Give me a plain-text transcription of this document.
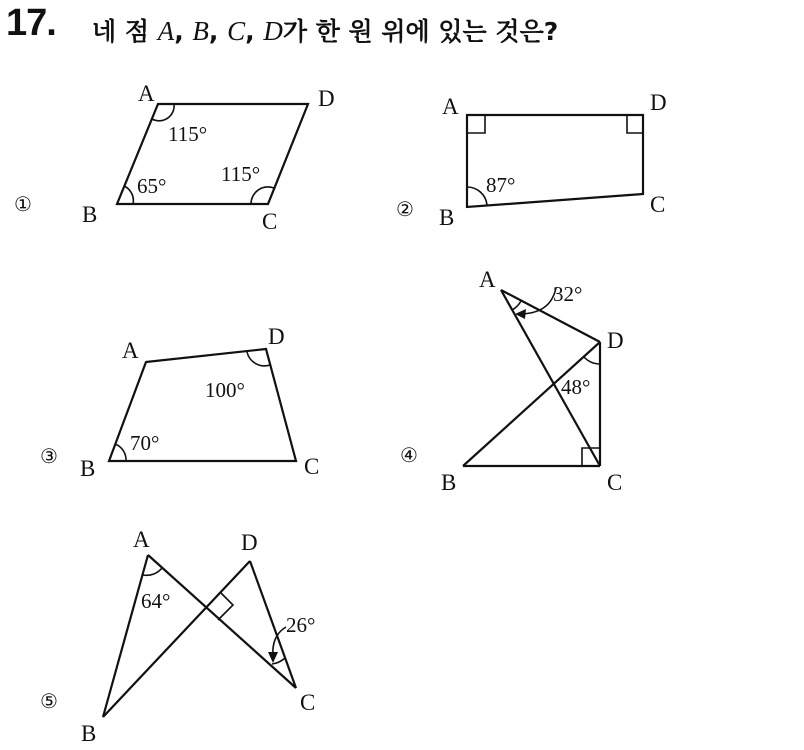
17. 네 점 A, B, C, D가 한 원 위에 있는 것은?
①
A	D
B	C
115°
115°
65°
②
A	D
B
C
87°
③
A
D
B	C
100°
70°
④
A
D
B	C
32°
48°
⑤
A	D
B
C
64°
26°
